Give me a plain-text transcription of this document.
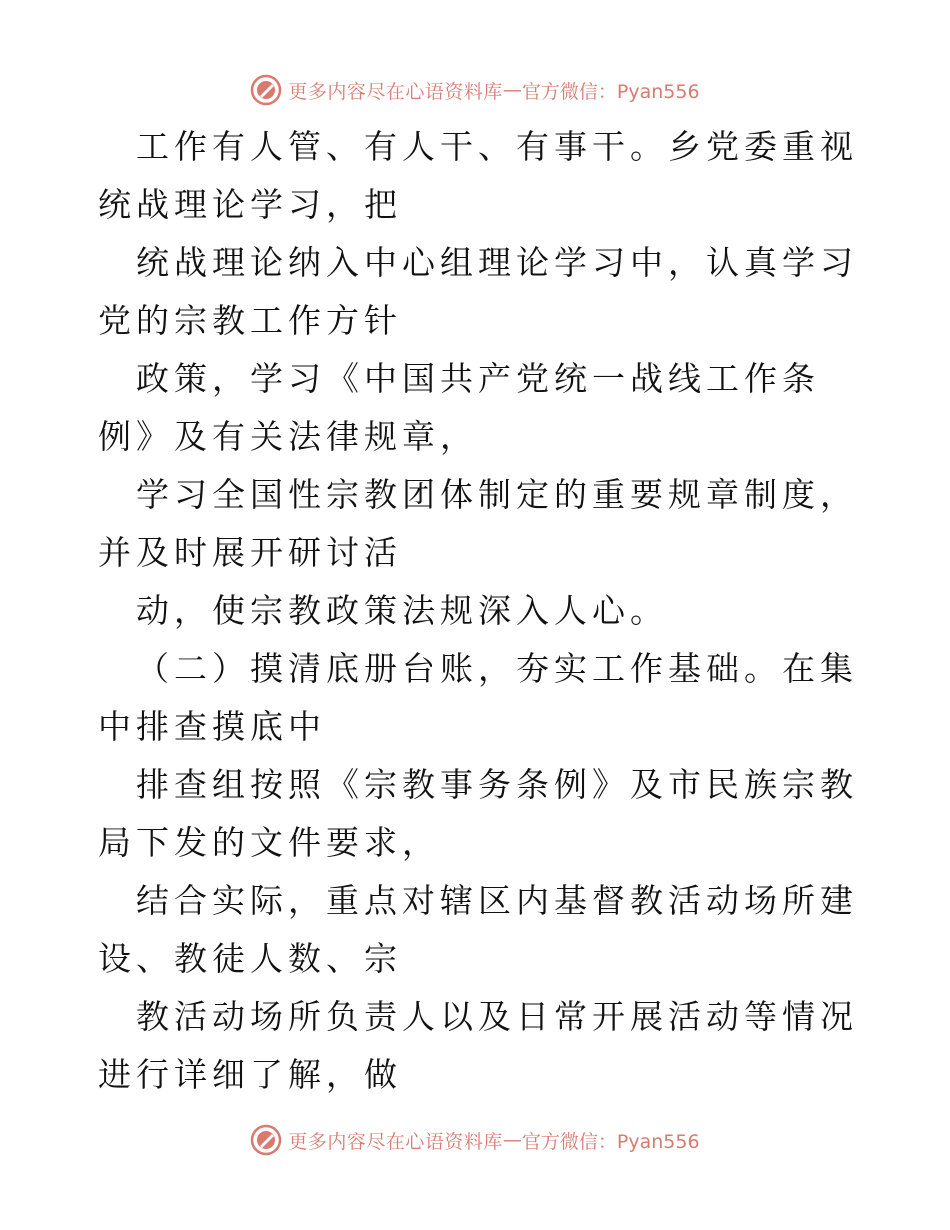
更多内容尽在心语资料库 — 官方微信：Pyan556

工作有人管、有人干、有事干。乡党委重视统战理论学习，把

统战理论纳入中心组理论学习中，认真学习党的宗教工作方针

政策，学习《中国共产党统一战线工作条例》及有关法律规章，

学习全国性宗教团体制定的重要规章制度，并及时展开研讨活

动，使宗教政策法规深入人心。

（二）摸清底册台账，夯实工作基础。在集中排查摸底中

排查组按照《宗教事务条例》及市民族宗教局下发的文件要求，

结合实际，重点对辖区内基督教活动场所建设、教徒人数、宗

教活动场所负责人以及日常开展活动等情况进行详细了解，做

更多内容尽在心语资料库 — 官方微信：Pyan556
